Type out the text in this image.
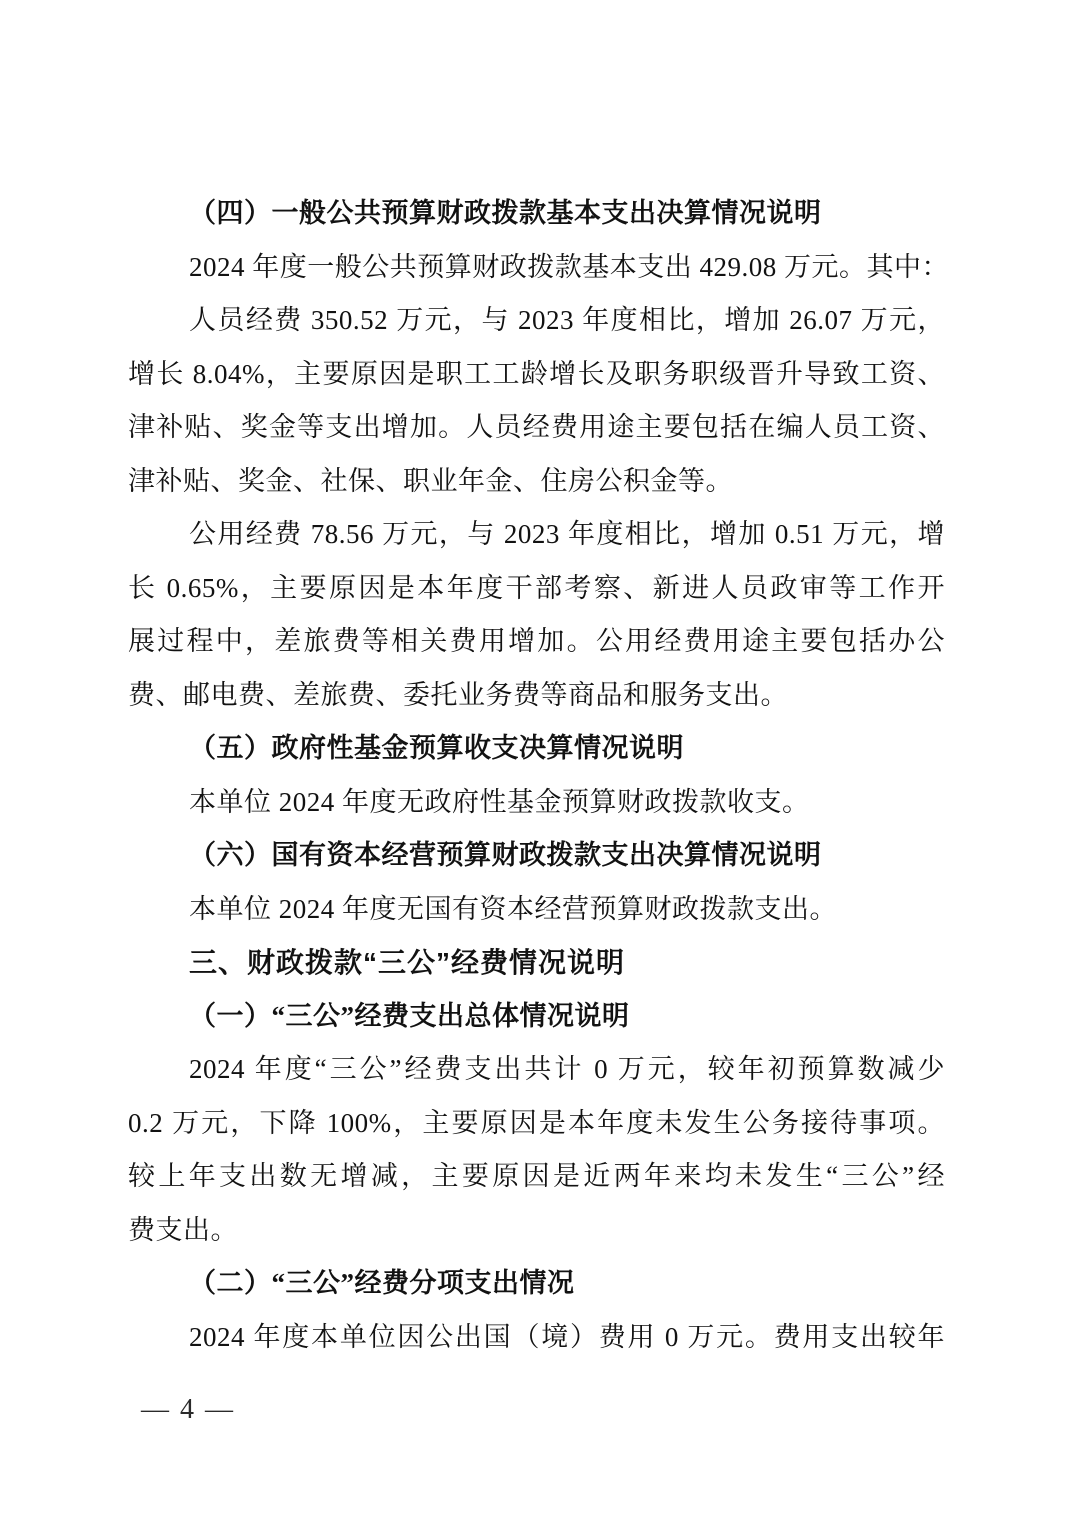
（四）一般公共预算财政拨款基本支出决算情况说明
2024 年度一般公共预算财政拨款基本支出 429.08 万元。其中：
人员经费 350.52 万元，与 2023 年度相比，增加 26.07 万元，
增长 8.04%，主要原因是职工工龄增长及职务职级晋升导致工资、
津补贴、奖金等支出增加。人员经费用途主要包括在编人员工资、
津补贴、奖金、社保、职业年金、住房公积金等。
公用经费 78.56 万元，与 2023 年度相比，增加 0.51 万元，增
长 0.65%，主要原因是本年度干部考察、新进人员政审等工作开
展过程中，差旅费等相关费用增加。公用经费用途主要包括办公
费、邮电费、差旅费、委托业务费等商品和服务支出。
（五）政府性基金预算收支决算情况说明
本单位 2024 年度无政府性基金预算财政拨款收支。
（六）国有资本经营预算财政拨款支出决算情况说明
本单位 2024 年度无国有资本经营预算财政拨款支出。
三、财政拨款“三公”经费情况说明
（一）“三公”经费支出总体情况说明
2024 年度“三公”经费支出共计 0 万元，较年初预算数减少
0.2 万元，下降 100%，主要原因是本年度未发生公务接待事项。
较上年支出数无增减，主要原因是近两年来均未发生“三公”经
费支出。
（二）“三公”经费分项支出情况
2024 年度本单位因公出国（境）费用 0 万元。费用支出较年
— 4 —
